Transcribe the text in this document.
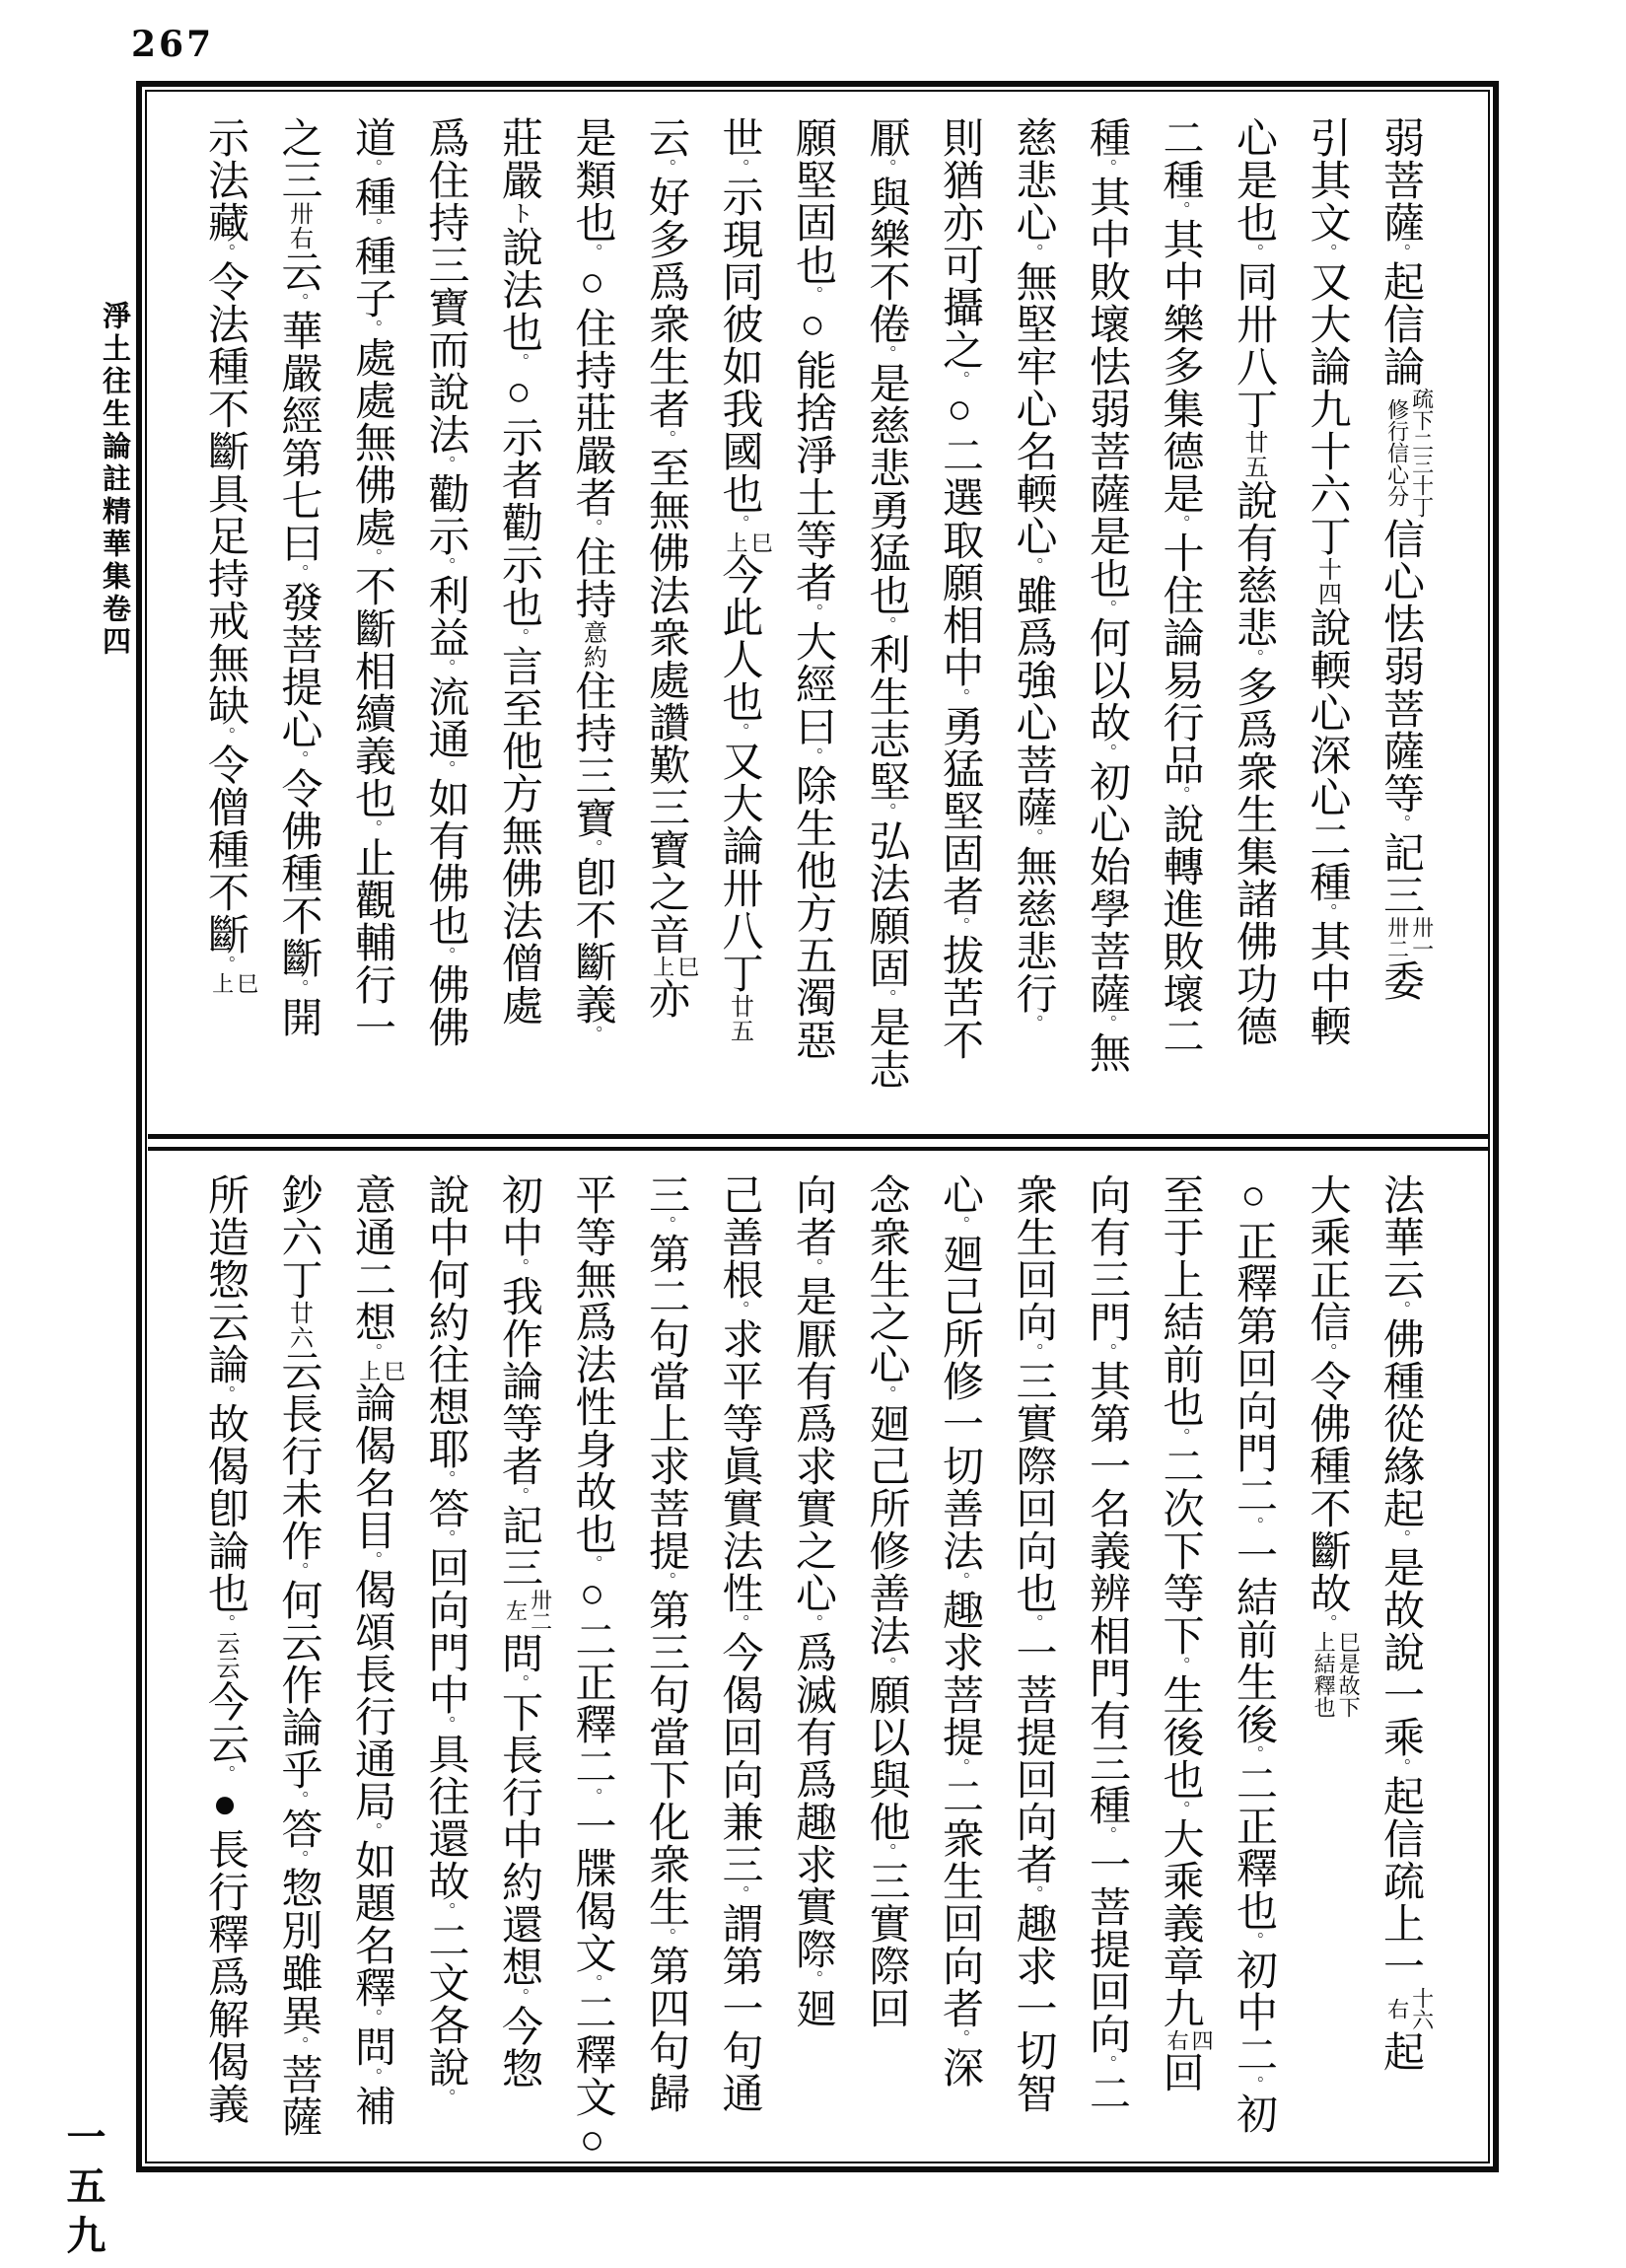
267
淨土往生論註精華集卷四
一五九
弱菩薩。起信論
疏下二三十丁
修行信心分
信心怯弱菩薩等。記三
卅一
卅二
委
引其文。又大論九十六丁十四說輭心深心二種。其中輭
心是也。同卅八丁廿五說有慈悲。多爲衆生集諸佛功德
二種。其中樂多集德是。十住論易行品。說轉進敗壞二
種。其中敗壞怯弱菩薩是也。何以故。初心始學菩薩。無
慈悲心。無堅牢心名輭心。雖爲強心菩薩。無慈悲行。
則猶亦可攝之。○二選取願相中。勇猛堅固者。拔苦不
厭。與樂不倦。是慈悲勇猛也。利生志堅。弘法願固。是志
願堅固也。○能捨淨土等者。大經曰。除生他方五濁惡
世。示現同彼如我國也。
巳
上
今此人也。又大論卅八丁廿五
云。好多爲衆生者。至無佛法衆處讚歎三寶之音
巳
上
亦
是類也。○住持莊嚴者。住持意約住持三寶。卽不斷義。
莊嚴ト說法也。○示者勸示也。言至他方無佛法僧處
爲住持三寶而說法。勸示。利益。流通。如有佛也。佛佛
道。種。種子。處處無佛處。不斷相續義也。止觀輔行一
之三卅右云。華嚴經第七曰。發菩提心。令佛種不斷。開
示法藏。令法種不斷具足持戒無缺。令僧種不斷。
巳
上
法華云。佛種從緣起。是故說一乘。起信疏上一
十六
右
起
大乘正信。令佛種不斷故。
巳
上
是故下
結釋也
○正釋第回向門二。一結前生後。二正釋也。初中二。初
至于上結前也。二次下等下。生後也。大乘義章九
四
右
回
向有三門。其第一名義辨相門有三種。一菩提回向。二
衆生回向。三實際回向也。一菩提回向者。趣求一切智
心。廻己所修一切善法。趣求菩提。二衆生回向者。深
念衆生之心。廻己所修善法。願以與他。三實際回
向者。是厭有爲求實之心。爲滅有爲趣求實際。廻
己善根。求平等眞實法性。今偈回向兼三。謂第一句通
三。第二句當上求菩提。第三句當下化衆生。第四句歸
平等無爲法性身故也。○二正釋二。一牒偈文。二釋文○
初中。我作論等者。記三
卅二
左
問。下長行中約還想。今惣
說中何約往想耶。答。回向門中。具往還故。二文各說。
意通二想。
巳
上
論偈名目。偈頌長行通局。如題名釋。問。補
鈔六丁廿六云長行未作。何云作論乎。答。惣別雖異。菩薩
所造惣云論。故偈卽論也。云云今云。●長行釋爲解偈義
